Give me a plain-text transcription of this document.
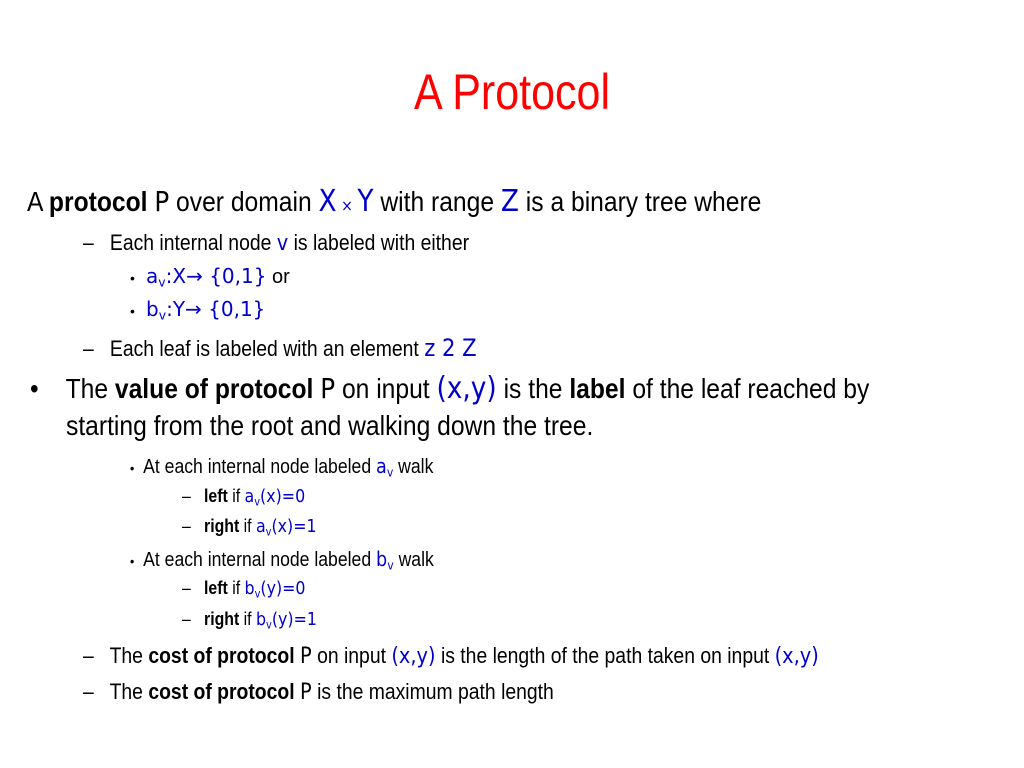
A Protocol
A protocol P over domain X × Y with range Z is a binary tree where
– Each internal node v is labeled with either
• $a_v:X\to \{0,1\}$ or
• $b_v:Y\to \{0,1\}$
– Each leaf is labeled with an element z 2 Z
• The value of protocol P on input (x,y) is the label of the leaf reached by
starting from the root and walking down the tree.
• At each internal node labeled $a_v$ walk
– left if $a_v(x)=0$
– right if $a_v(x)=1$
• At each internal node labeled $b_v$ walk
– left if $b_v(y)=0$
– right if $b_v(y)=1$
– The cost of protocol P on input (x,y) is the length of the path taken on input (x,y)
– The cost of protocol P is the maximum path length
